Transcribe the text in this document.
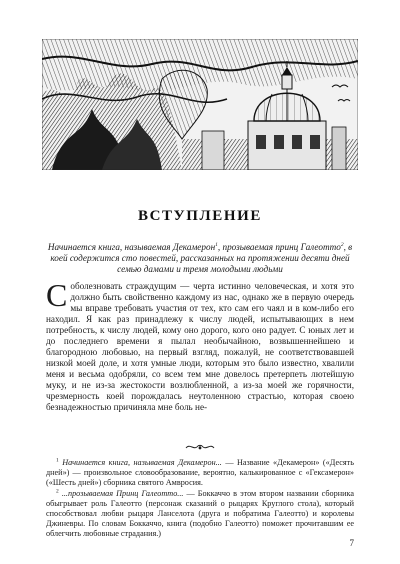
ВСТУПЛЕНИЕ
Начинается книга, называемая Декамерон$^1$, прозываемая принц Галеотто$^2$, в коей содержится сто повестей, рассказанных на протяжении десяти дней семью дамами и тремя молодыми людьми
Соболезновать страждущим — черта истинно человеческая, и хотя это должно быть свойственно каждому из нас, однако же в первую очередь мы вправе требовать участия от тех, кто сам его чаял и в ком-либо его находил. Я как раз принадлежу к числу людей, испытывающих в нем потребность, к числу людей, кому оно дорого, кого оно радует. С юных лет и до последнего времени я пылал необычайною, возвышеннейшею и благородною любовью, на первый взгляд, пожалуй, не соответствовавшей низкой моей доле, и хотя умные люди, которым это было известно, хвалили меня и весьма одобряли, со всем тем мне довелось претерпеть лютейшую муку, и не из-за жестокости возлюбленной, а из-за моей же горячности, чрезмерность коей порождалась неутоленною страстью, которая своею безнадежностью причиняла мне боль не-

$^1$ Начинается книга, называемая Декамерон... — Название «Декамерон» («Десять дней») — произвольное словообразование, вероятно, калькированное с «Гексамерон» («Шесть дней») сборника святого Амвросия.

$^2$ ...прозываемая Принц Галеотто... — Боккаччо в этом втором названии сборника обыгрывает роль Галеотто (персонаж сказаний о рыцарях Круглого стола), который способствовал любви рыцаря Ланселота (друга и побратима Галеотто) и королевы Джиневры. По словам Боккаччо, книга (подобно Галеотто) поможет прочитавшим ее облегчить любовные страдания.)

7
